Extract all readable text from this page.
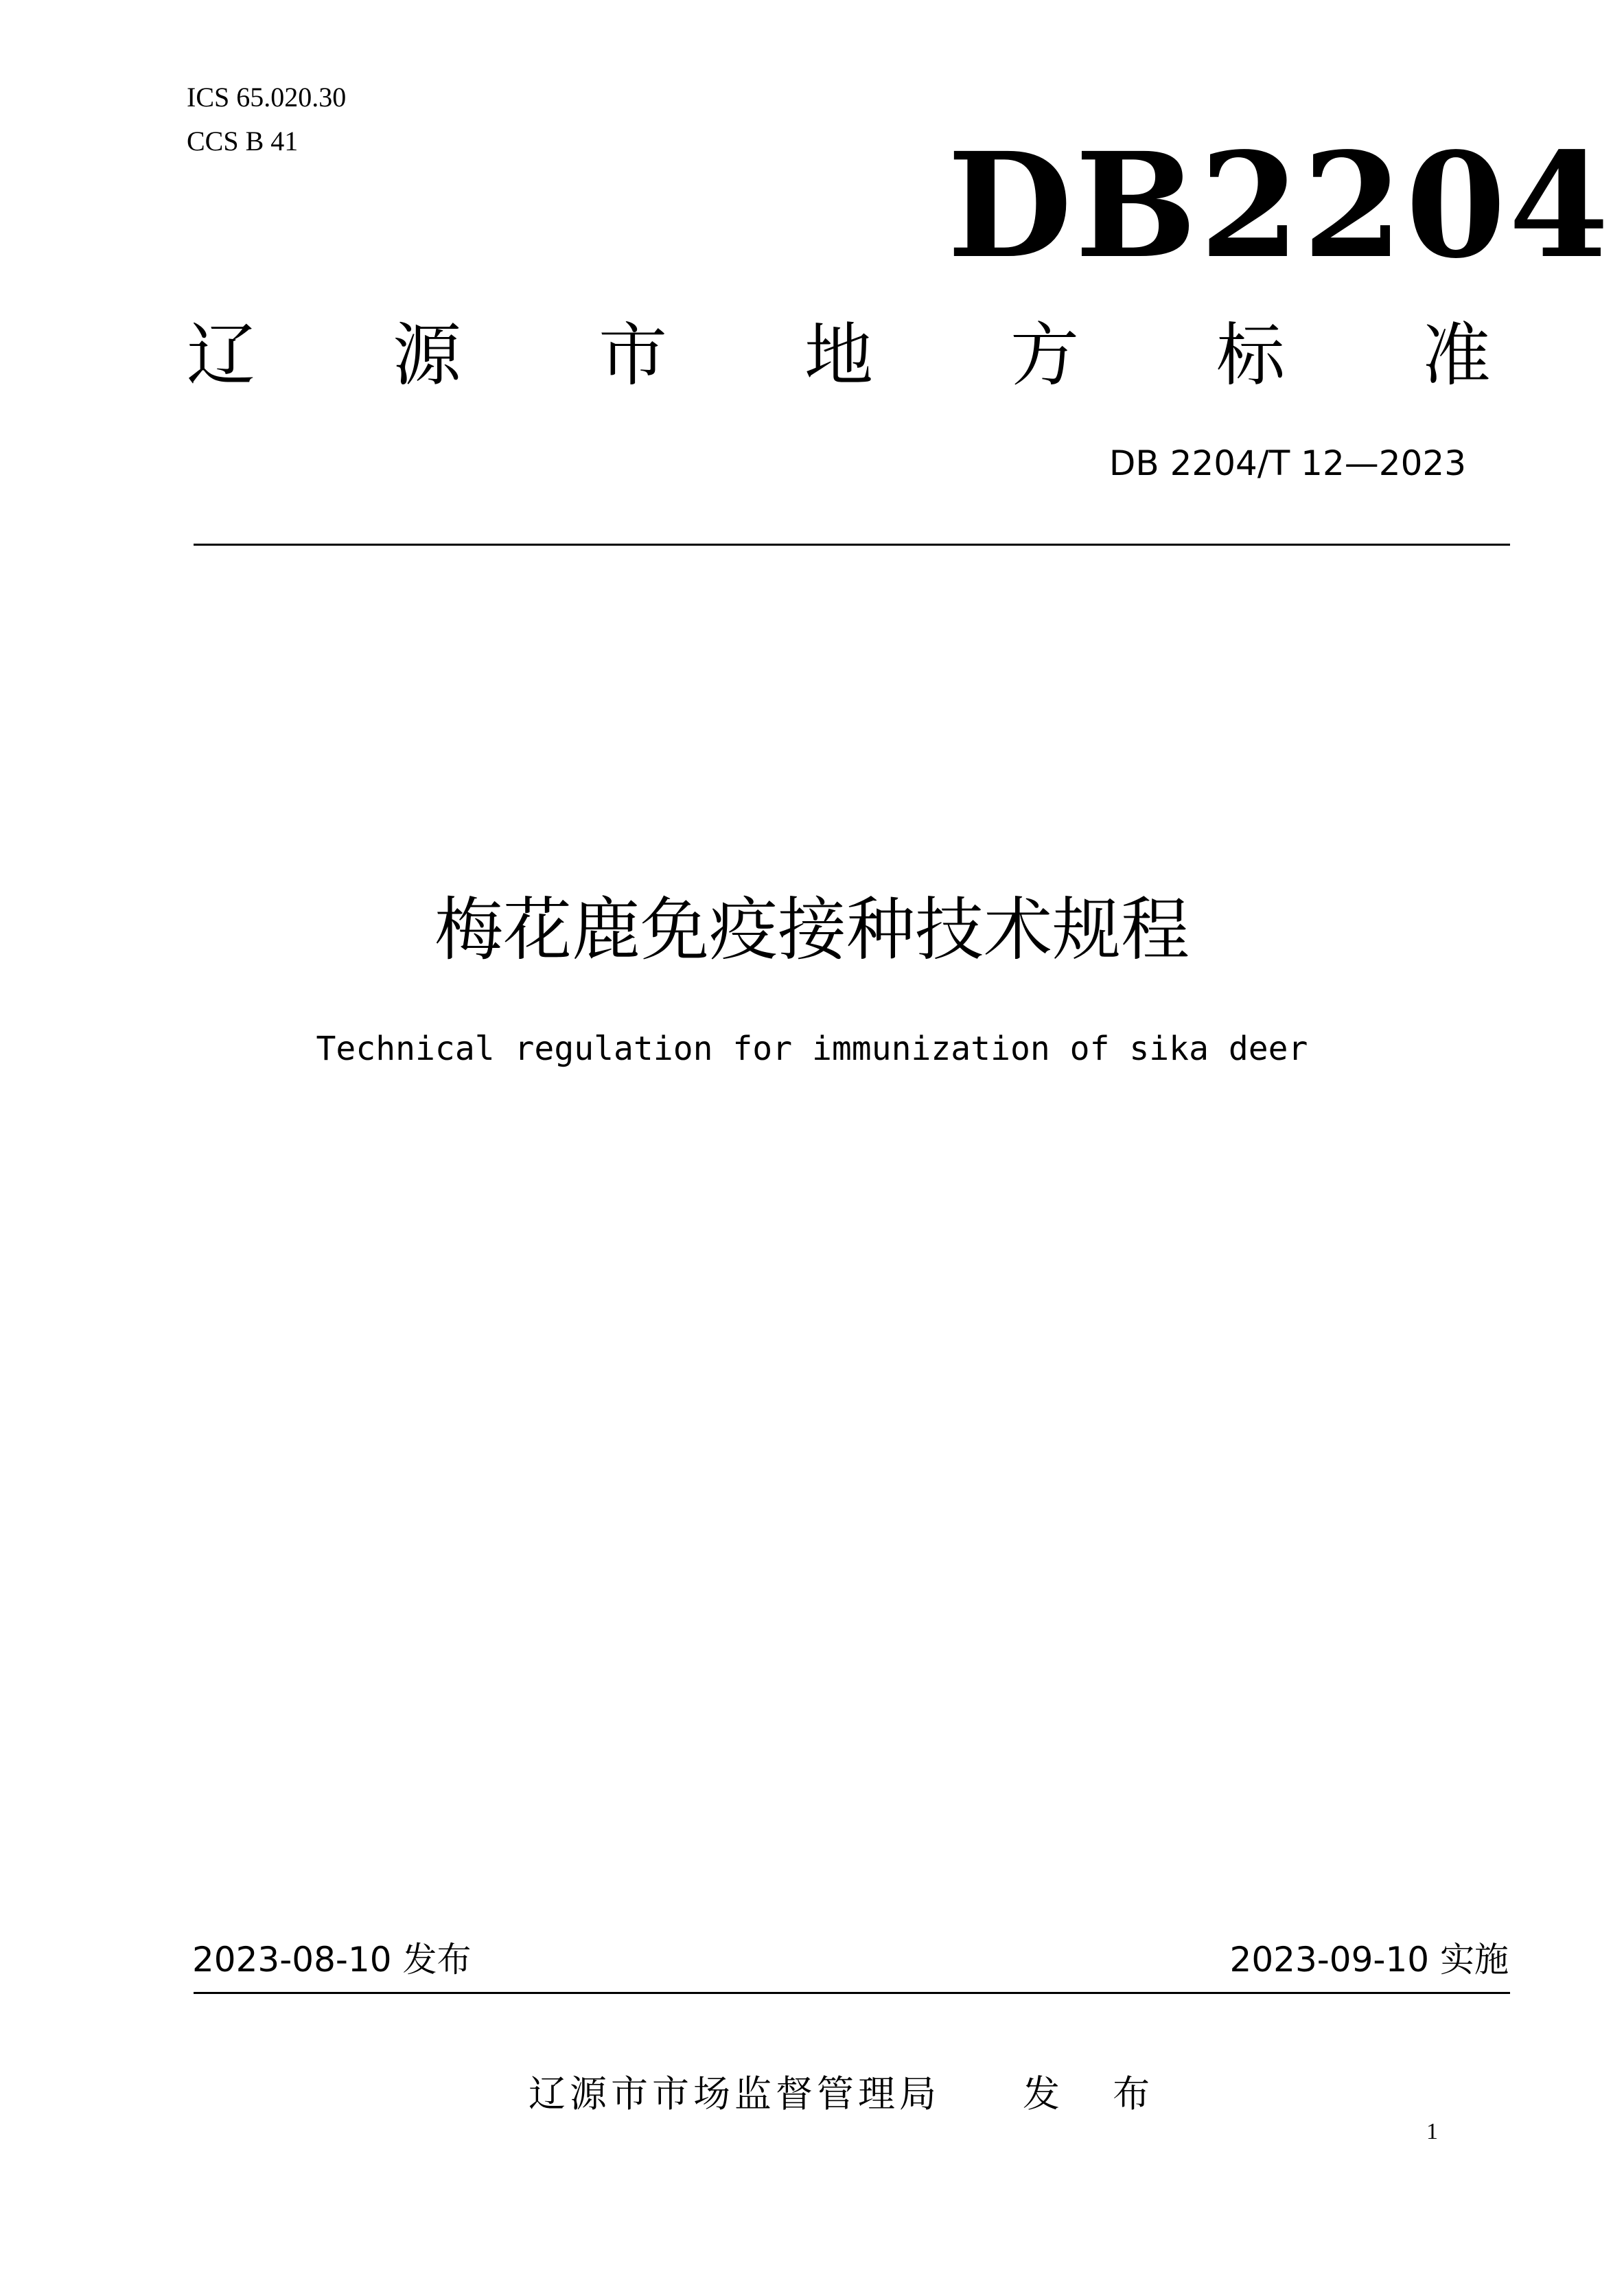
ICS 65.020.30
CCS B 41	DB2204
辽 源 市 地 方 标 准
DB 2204/T 12—2023
梅花鹿免疫接种技术规程
Technical regulation for immunization of sika deer
2023-08-10 发布	2023-09-10 实施
辽源市市场监督管理局 发 布
1
